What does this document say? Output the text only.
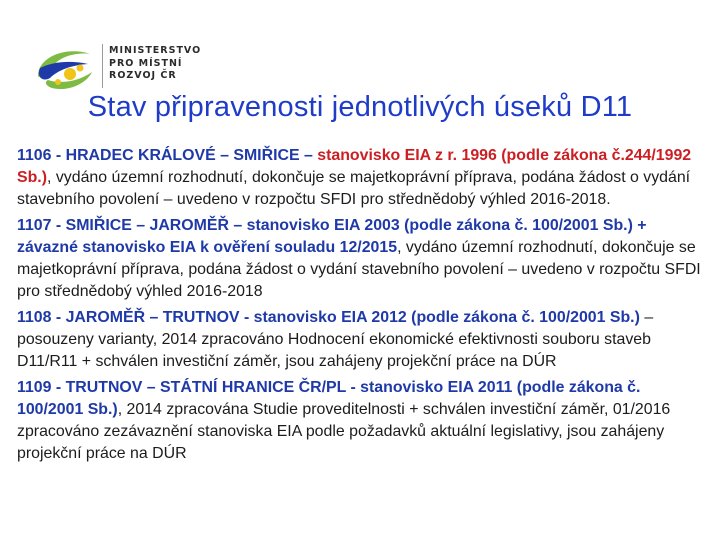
MINISTERSTVO
PRO MÍSTNÍ
ROZVOJ ČR
Stav připravenosti jednotlivých úseků D11

1106 - HRADEC KRÁLOVÉ – SMIŘICE – stanovisko EIA z r. 1996 (podle zákona č.244/1992 Sb.), vydáno územní rozhodnutí, dokončuje se majetkoprávní příprava, podána žádost o vydání stavebního povolení – uvedeno v rozpočtu SFDI pro střednědobý výhled 2016-2018.

1107 - SMIŘICE – JAROMĚŘ – stanovisko EIA 2003 (podle zákona č. 100/2001 Sb.) + závazné stanovisko EIA k ověření souladu 12/2015, vydáno územní rozhodnutí, dokončuje se majetkoprávní příprava, podána žádost o vydání stavebního povolení – uvedeno v rozpočtu SFDI pro střednědobý výhled 2016-2018

1108 - JAROMĚŘ – TRUTNOV - stanovisko EIA 2012 (podle zákona č. 100/2001 Sb.) – posouzeny varianty, 2014 zpracováno Hodnocení ekonomické efektivnosti souboru staveb D11/R11 + schválen investiční záměr, jsou zahájeny projekční práce na DÚR

1109 - TRUTNOV – STÁTNÍ HRANICE ČR/PL - stanovisko EIA 2011 (podle zákona č. 100/2001 Sb.), 2014 zpracována Studie proveditelnosti + schválen investiční záměr, 01/2016 zpracováno zezávaznění stanoviska EIA podle požadavků aktuální legislativy, jsou zahájeny projekční práce na DÚR
